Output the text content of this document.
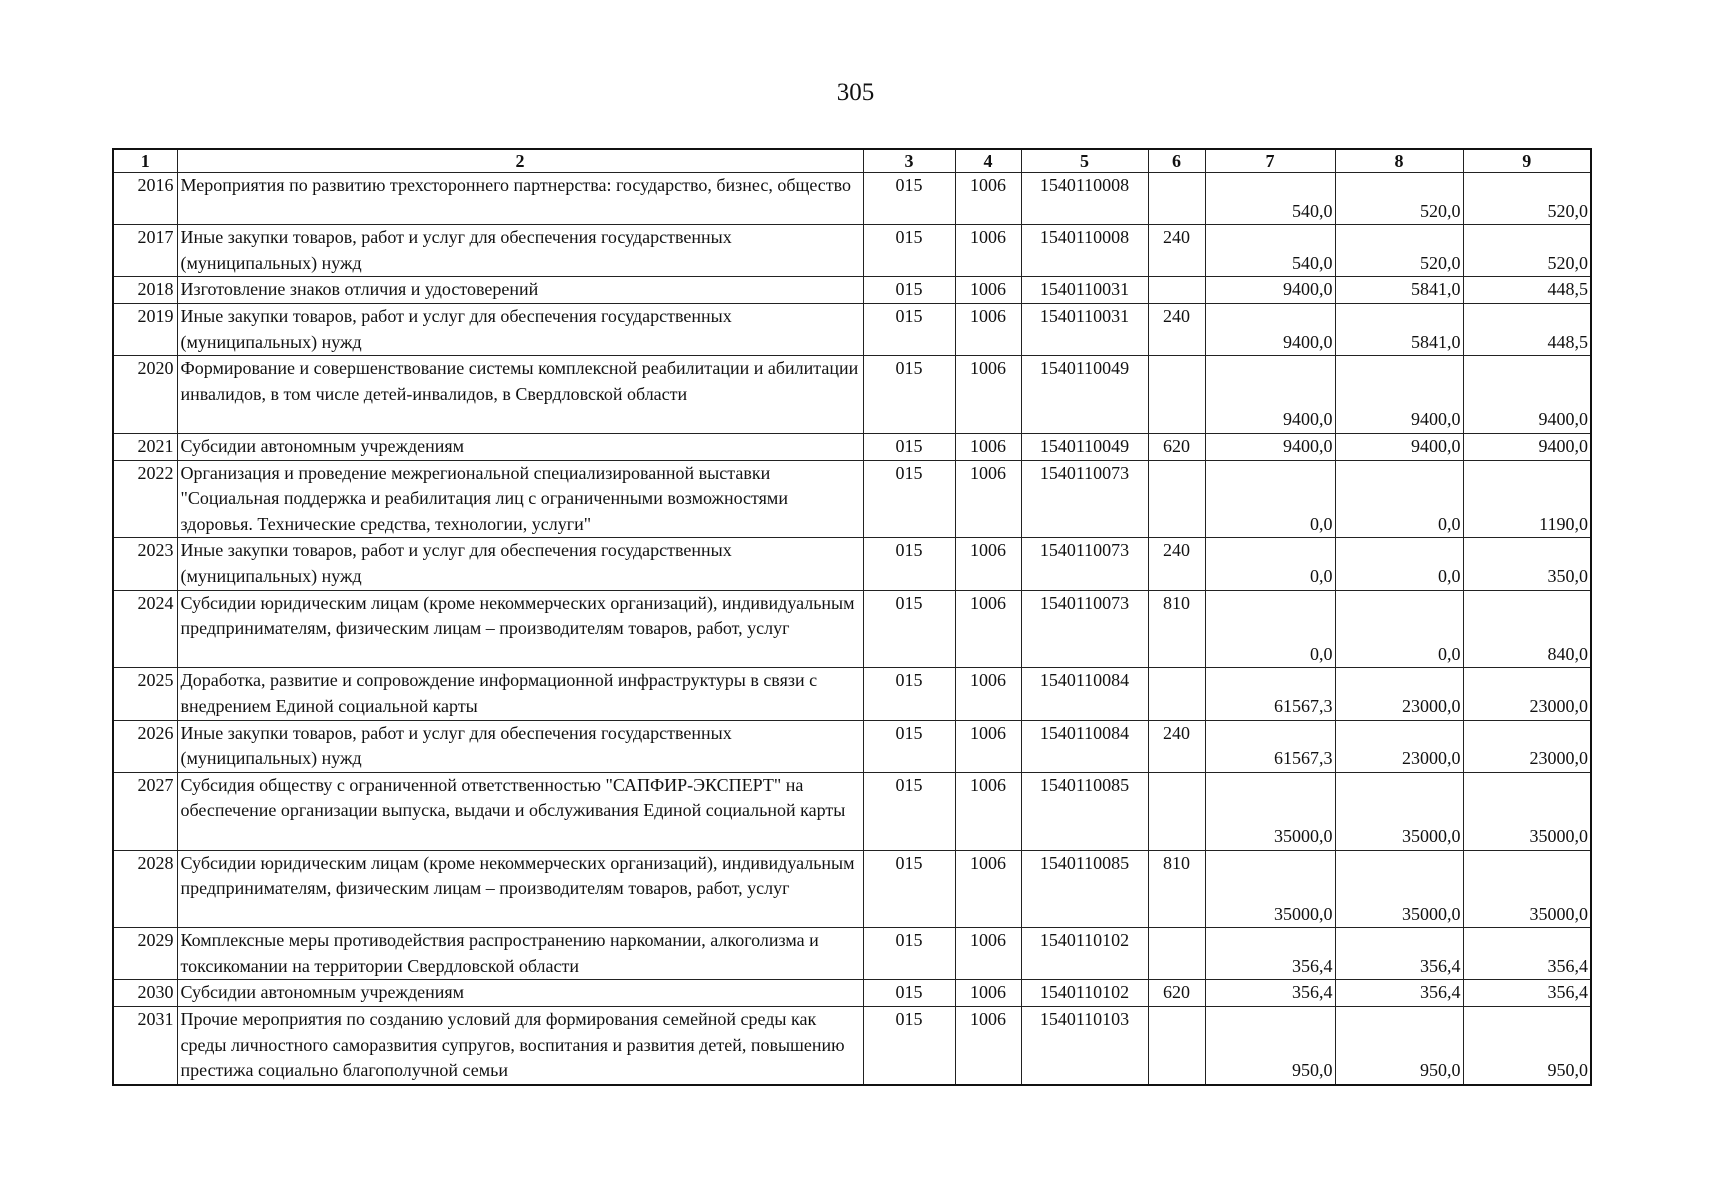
305
1	2	3	4	5	6	7	8	9
2016	Мероприятия по развитию трехстороннего партнерства: государство, бизнес, общество	015	1006	1540110008		540,0	520,0	520,0
2017	Иные закупки товаров, работ и услуг для обеспечения государственных (муниципальных) нужд	015	1006	1540110008	240	540,0	520,0	520,0
2018	Изготовление знаков отличия и удостоверений	015	1006	1540110031		9400,0	5841,0	448,5
2019	Иные закупки товаров, работ и услуг для обеспечения государственных (муниципальных) нужд	015	1006	1540110031	240	9400,0	5841,0	448,5
2020	Формирование и совершенствование системы комплексной реабилитации и абилитации инвалидов, в том числе детей-инвалидов, в Свердловской области	015	1006	1540110049		9400,0	9400,0	9400,0
2021	Субсидии автономным учреждениям	015	1006	1540110049	620	9400,0	9400,0	9400,0
2022	Организация и проведение межрегиональной специализированной выставки "Социальная поддержка и реабилитация лиц с ограниченными возможностями здоровья. Технические средства, технологии, услуги"	015	1006	1540110073		0,0	0,0	1190,0
2023	Иные закупки товаров, работ и услуг для обеспечения государственных (муниципальных) нужд	015	1006	1540110073	240	0,0	0,0	350,0
2024	Субсидии юридическим лицам (кроме некоммерческих организаций), индивидуальным предпринимателям, физическим лицам – производителям товаров, работ, услуг	015	1006	1540110073	810	0,0	0,0	840,0
2025	Доработка, развитие и сопровождение информационной инфраструктуры в связи с внедрением Единой социальной карты	015	1006	1540110084		61567,3	23000,0	23000,0
2026	Иные закупки товаров, работ и услуг для обеспечения государственных (муниципальных) нужд	015	1006	1540110084	240	61567,3	23000,0	23000,0
2027	Субсидия обществу с ограниченной ответственностью "САПФИР-ЭКСПЕРТ" на обеспечение организации выпуска, выдачи и обслуживания Единой социальной карты	015	1006	1540110085		35000,0	35000,0	35000,0
2028	Субсидии юридическим лицам (кроме некоммерческих организаций), индивидуальным предпринимателям, физическим лицам – производителям товаров, работ, услуг	015	1006	1540110085	810	35000,0	35000,0	35000,0
2029	Комплексные меры противодействия распространению наркомании, алкоголизма и токсикомании на территории Свердловской области	015	1006	1540110102		356,4	356,4	356,4
2030	Субсидии автономным учреждениям	015	1006	1540110102	620	356,4	356,4	356,4
2031	Прочие мероприятия по созданию условий для формирования семейной среды как среды личностного саморазвития супругов, воспитания и развития детей, повышению престижа социально благополучной семьи	015	1006	1540110103		950,0	950,0	950,0
